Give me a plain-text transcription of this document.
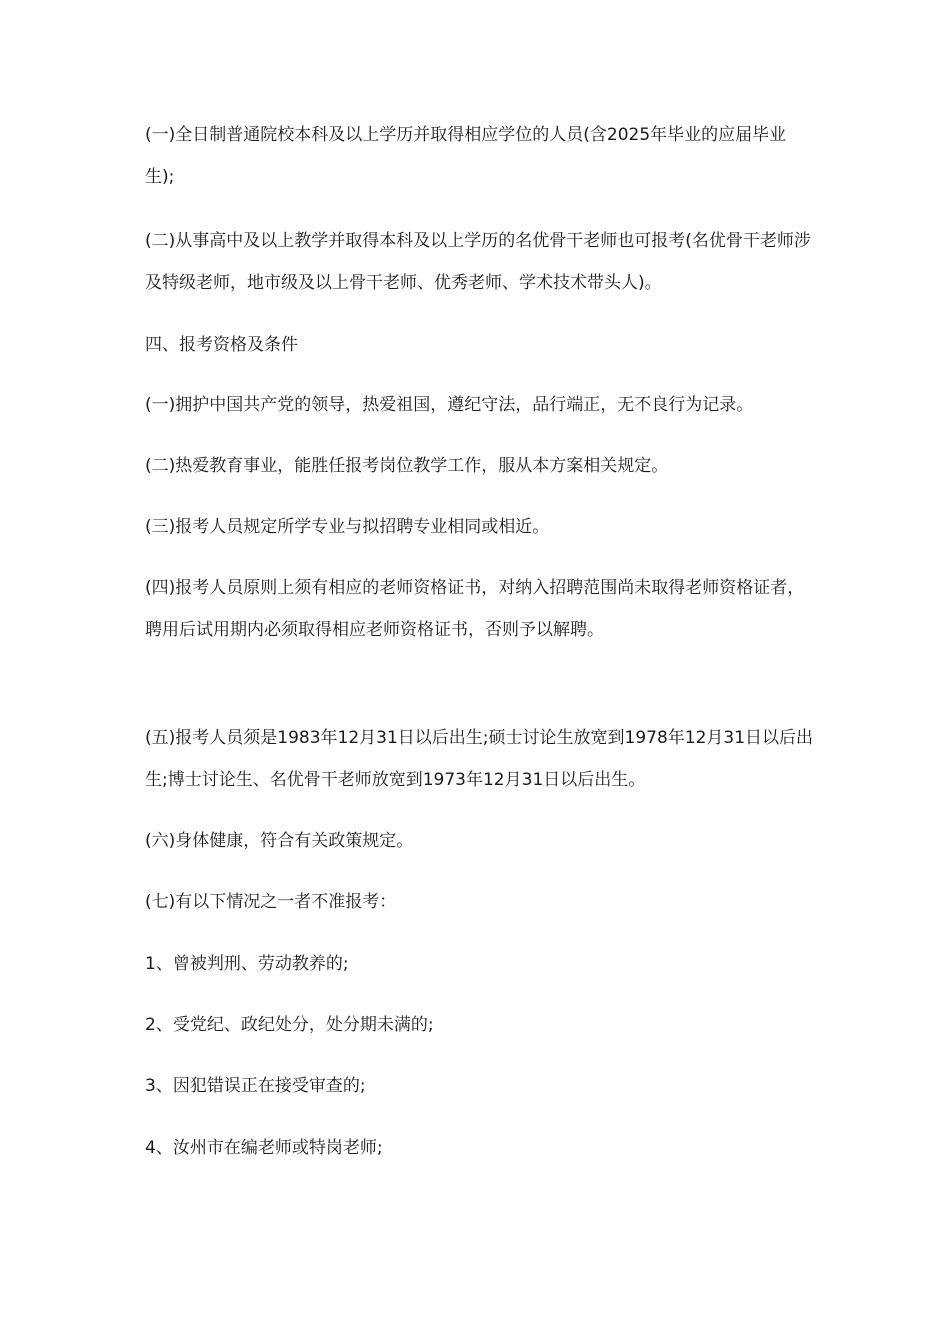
(一)全日制普通院校本科及以上学历并取得相应学位的人员(含2025年毕业的应届毕业生);

(二)从事高中及以上教学并取得本科及以上学历的名优骨干老师也可报考(名优骨干老师涉及特级老师，地市级及以上骨干老师、优秀老师、学术技术带头人)。

四、报考资格及条件

(一)拥护中国共产党的领导，热爱祖国，遵纪守法，品行端正，无不良行为记录。

(二)热爱教育事业，能胜任报考岗位教学工作，服从本方案相关规定。

(三)报考人员规定所学专业与拟招聘专业相同或相近。

(四)报考人员原则上须有相应的老师资格证书，对纳入招聘范围尚未取得老师资格证者，聘用后试用期内必须取得相应老师资格证书，否则予以解聘。

(五)报考人员须是1983年12月31日以后出生;硕士讨论生放宽到1978年12月31日以后出生;博士讨论生、名优骨干老师放宽到1973年12月31日以后出生。

(六)身体健康，符合有关政策规定。

(七)有以下情况之一者不准报考：

1、曾被判刑、劳动教养的;

2、受党纪、政纪处分，处分期未满的;

3、因犯错误正在接受审查的;

4、汝州市在编老师或特岗老师;
